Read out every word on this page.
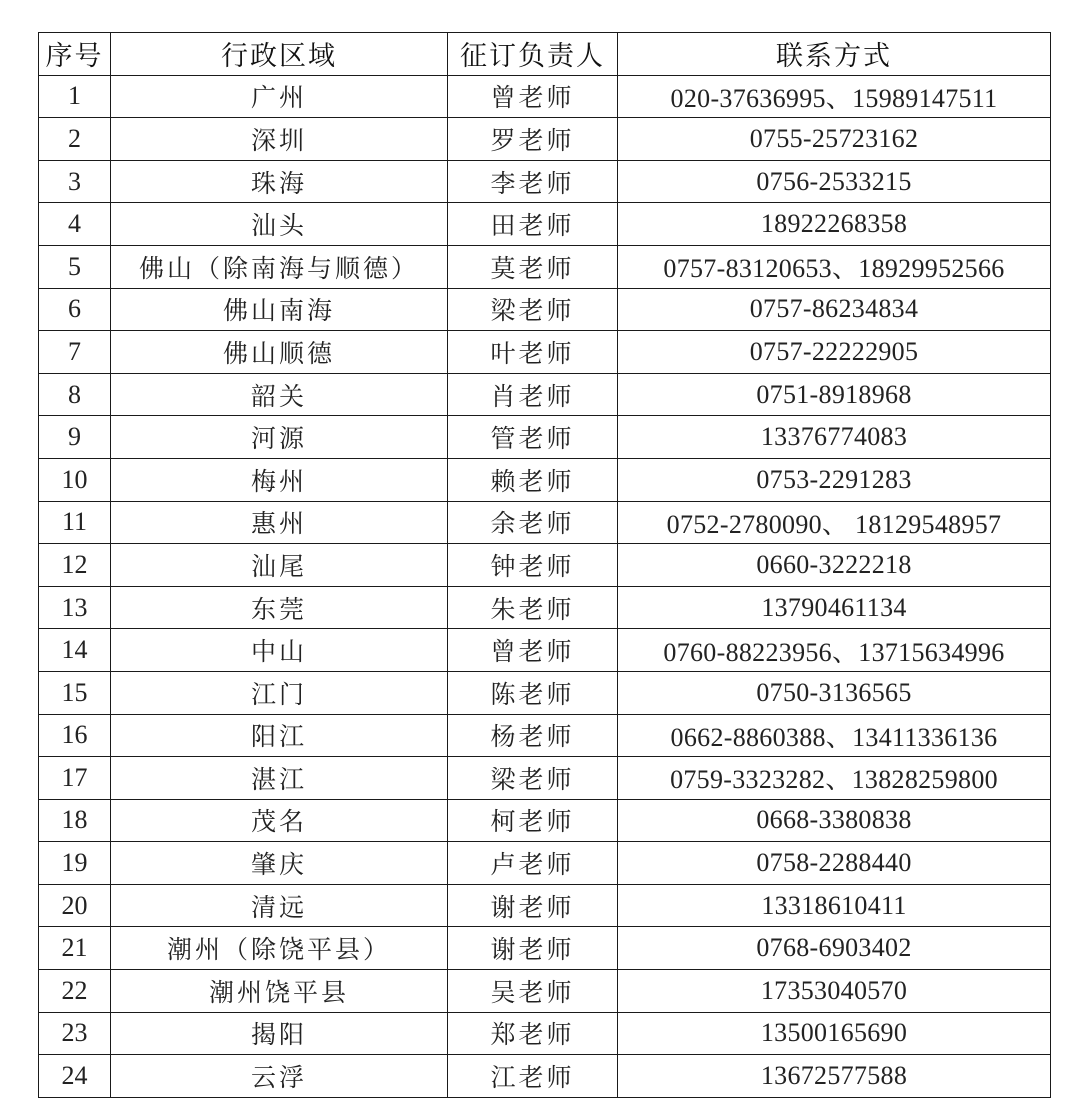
序号	行政区域	征订负责人	联系方式
1	广州	曾老师	020-37636995、15989147511
2	深圳	罗老师	0755-25723162
3	珠海	李老师	0756-2533215
4	汕头	田老师	18922268358
5	佛山（除南海与顺德）	莫老师	0757-83120653、18929952566
6	佛山南海	梁老师	0757-86234834
7	佛山顺德	叶老师	0757-22222905
8	韶关	肖老师	0751-8918968
9	河源	管老师	13376774083
10	梅州	赖老师	0753-2291283
11	惠州	余老师	0752-2780090、 18129548957
12	汕尾	钟老师	0660-3222218
13	东莞	朱老师	13790461134
14	中山	曾老师	0760-88223956、13715634996
15	江门	陈老师	0750-3136565
16	阳江	杨老师	0662-8860388、13411336136
17	湛江	梁老师	0759-3323282、13828259800
18	茂名	柯老师	0668-3380838
19	肇庆	卢老师	0758-2288440
20	清远	谢老师	13318610411
21	潮州（除饶平县）	谢老师	0768-6903402
22	潮州饶平县	吴老师	17353040570
23	揭阳	郑老师	13500165690
24	云浮	江老师	13672577588
